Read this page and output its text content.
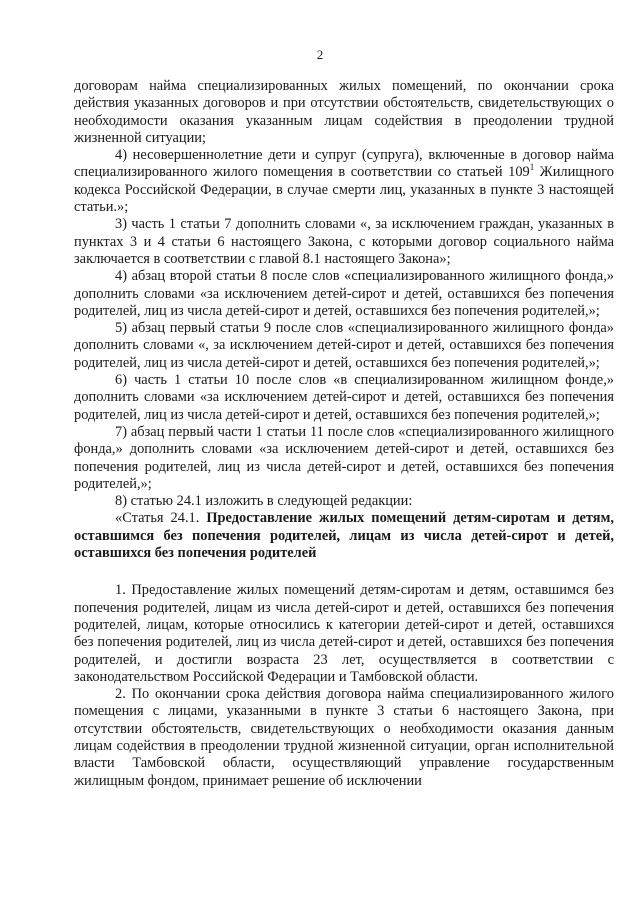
2

договорам найма специализированных жилых помещений, по окончании срока действия указанных договоров и при отсутствии обстоятельств, свидетельствующих о необходимости оказания указанным лицам содействия в преодолении трудной жизненной ситуации;

4) несовершеннолетние дети и супруг (супруга), включенные в договор найма специализированного жилого помещения в соответствии со статьей $109^1$ Жилищного кодекса Российской Федерации, в случае смерти лиц, указанных в пункте 3 настоящей статьи.»;

3) часть 1 статьи 7 дополнить словами «, за исключением граждан, указанных в пунктах 3 и 4 статьи 6 настоящего Закона, с которыми договор социального найма заключается в соответствии с главой 8.1 настоящего Закона»;

4) абзац второй статьи 8 после слов «специализированного жилищного фонда,» дополнить словами «за исключением детей-сирот и детей, оставшихся без попечения родителей, лиц из числа детей-сирот и детей, оставшихся без попечения родителей,»;

5) абзац первый статьи 9 после слов «специализированного жилищного фонда» дополнить словами «, за исключением детей-сирот и детей, оставшихся без попечения родителей, лиц из числа детей-сирот и детей, оставшихся без попечения родителей,»;

6) часть 1 статьи 10 после слов «в специализированном жилищном фонде,» дополнить словами «за исключением детей-сирот и детей, оставшихся без попечения родителей, лиц из числа детей-сирот и детей, оставшихся без попечения родителей,»;

7) абзац первый части 1 статьи 11 после слов «специализированного жилищного фонда,» дополнить словами «за исключением детей-сирот и детей, оставшихся без попечения родителей, лиц из числа детей-сирот и детей, оставшихся без попечения родителей,»;

8) статью 24.1 изложить в следующей редакции:

«Статья 24.1. Предоставление жилых помещений детям-сиротам и детям, оставшимся без попечения родителей, лицам из числа детей-сирот и детей, оставшихся без попечения родителей

1. Предоставление жилых помещений детям-сиротам и детям, оставшимся без попечения родителей, лицам из числа детей-сирот и детей, оставшихся без попечения родителей, лицам, которые относились к категории детей-сирот и детей, оставшихся без попечения родителей, лиц из числа детей-сирот и детей, оставшихся без попечения родителей, и достигли возраста 23 лет, осуществляется в соответствии с законодательством Российской Федерации и Тамбовской области.

2. По окончании срока действия договора найма специализированного жилого помещения с лицами, указанными в пункте 3 статьи 6 настоящего Закона, при отсутствии обстоятельств, свидетельствующих о необходимости оказания данным лицам содействия в преодолении трудной жизненной ситуации, орган исполнительной власти Тамбовской области, осуществляющий управление государственным жилищным фондом, принимает решение об исключении
